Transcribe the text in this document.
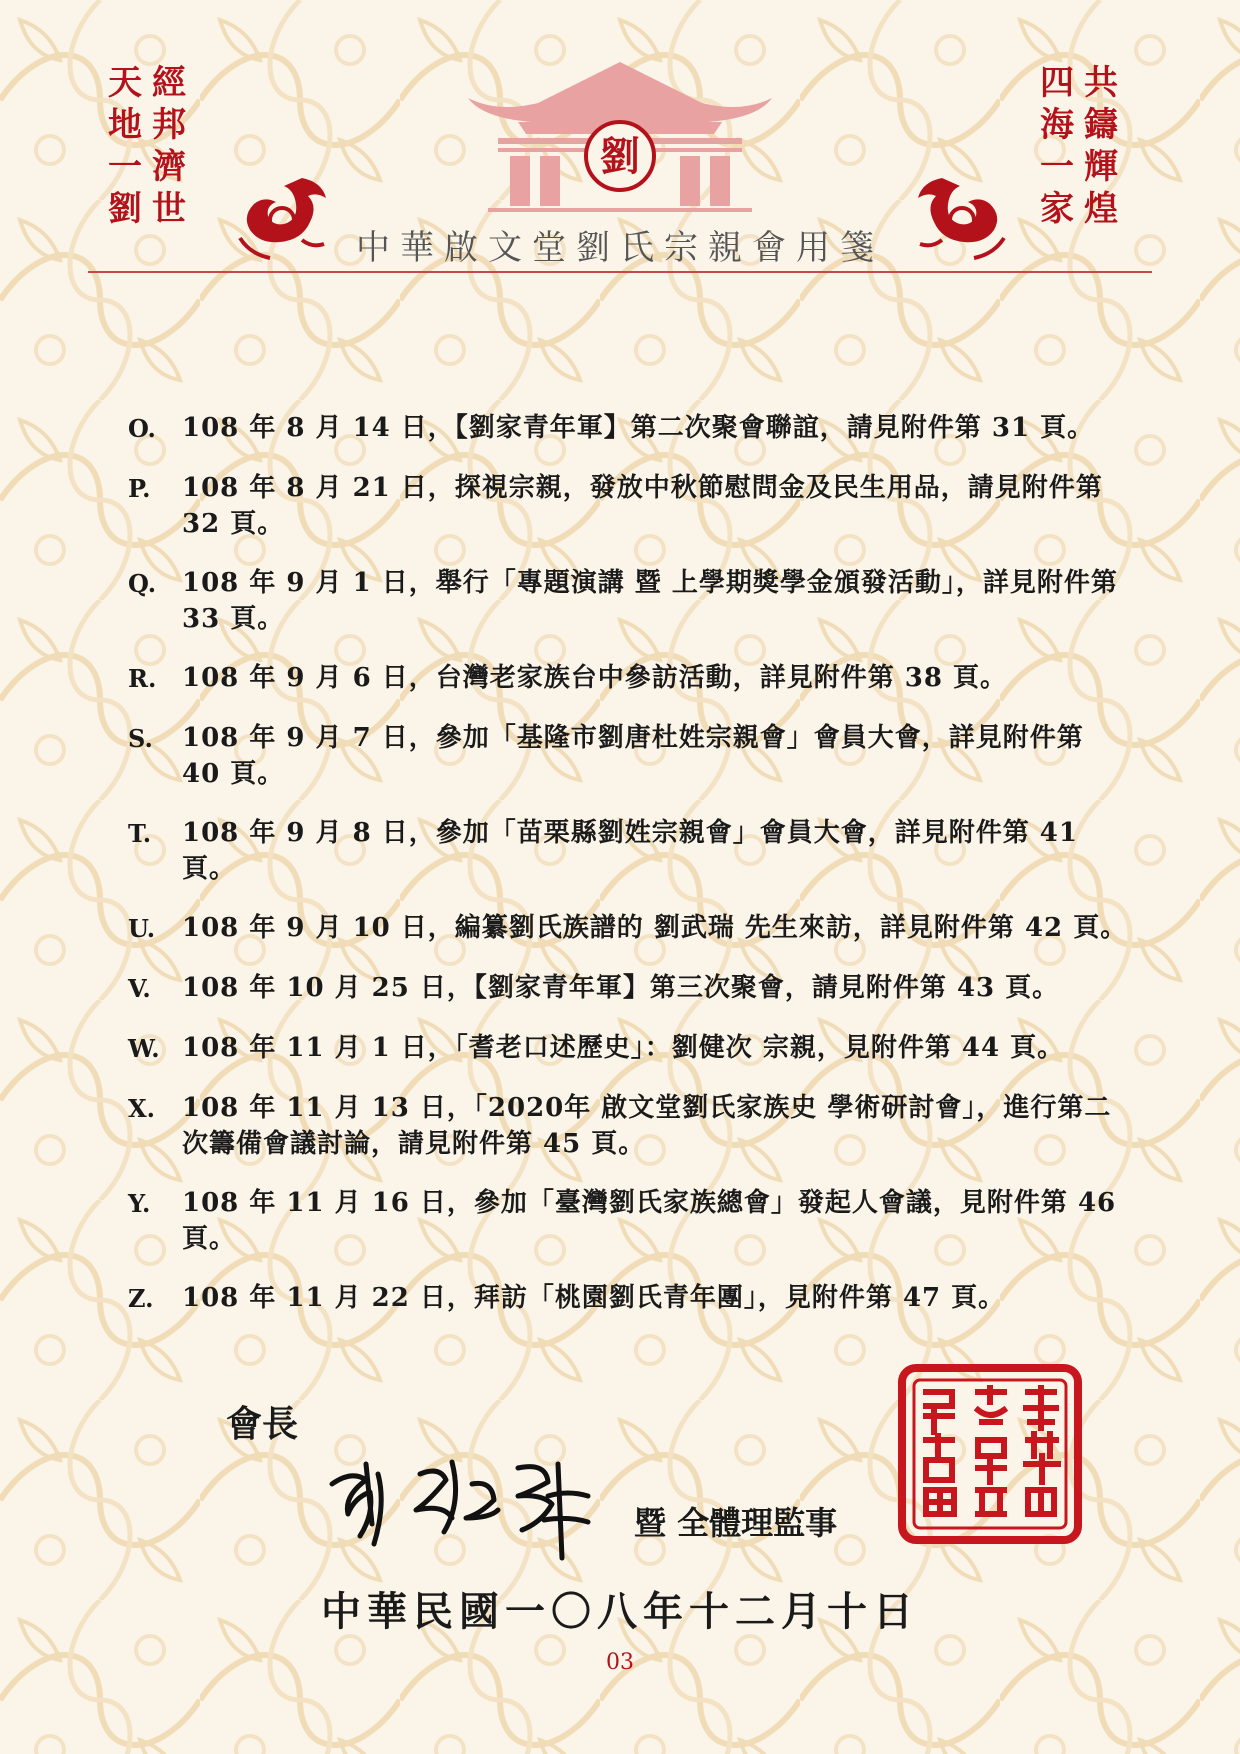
天
地
一
劉
經
邦
濟
世
劉
四
海
一
家
共
鑄
輝
煌
中華啟文堂劉氏宗親會用箋
O.	108 年 8 月 14 日，【劉家青年軍】第二次聚會聯誼，請見附件第 31 頁。
P.	108 年 8 月 21 日，探視宗親，發放中秋節慰問金及民生用品，請見附件第 32 頁。
Q. 108 年 9 月 1 日，舉行「專題演講 暨 上學期獎學金頒發活動」，詳見附件第 33 頁。
R. 108 年 9 月 6 日，台灣老家族台中參訪活動，詳見附件第 38 頁。
S.	108 年 9 月 7 日，參加「基隆市劉唐杜姓宗親會」會員大會，詳見附件第 40 頁。
T.	108 年 9 月 8 日，參加「苗栗縣劉姓宗親會」會員大會，詳見附件第 41 頁。
U.	108 年 9 月 10 日，編纂劉氏族譜的 劉武瑞 先生來訪，詳見附件第 42 頁。
V.	108 年 10 月 25 日，【劉家青年軍】第三次聚會，請見附件第 43 頁。
W. 108 年 11 月 1 日，「耆老口述歷史」：劉健次 宗親，見附件第 44 頁。
X.	108 年 11 月 13 日，「2020年 啟文堂劉氏家族史 學術研討會」，進行第二次籌備會議討論，請見附件第 45 頁。
Y.	108 年 11 月 16 日，參加「臺灣劉氏家族總會」發起人會議，見附件第 46 頁。
Z.	108 年 11 月 22 日，拜訪「桃園劉氏青年團」，見附件第 47 頁。
會長
暨 全體理監事
中華民國一〇八年十二月十日
03
